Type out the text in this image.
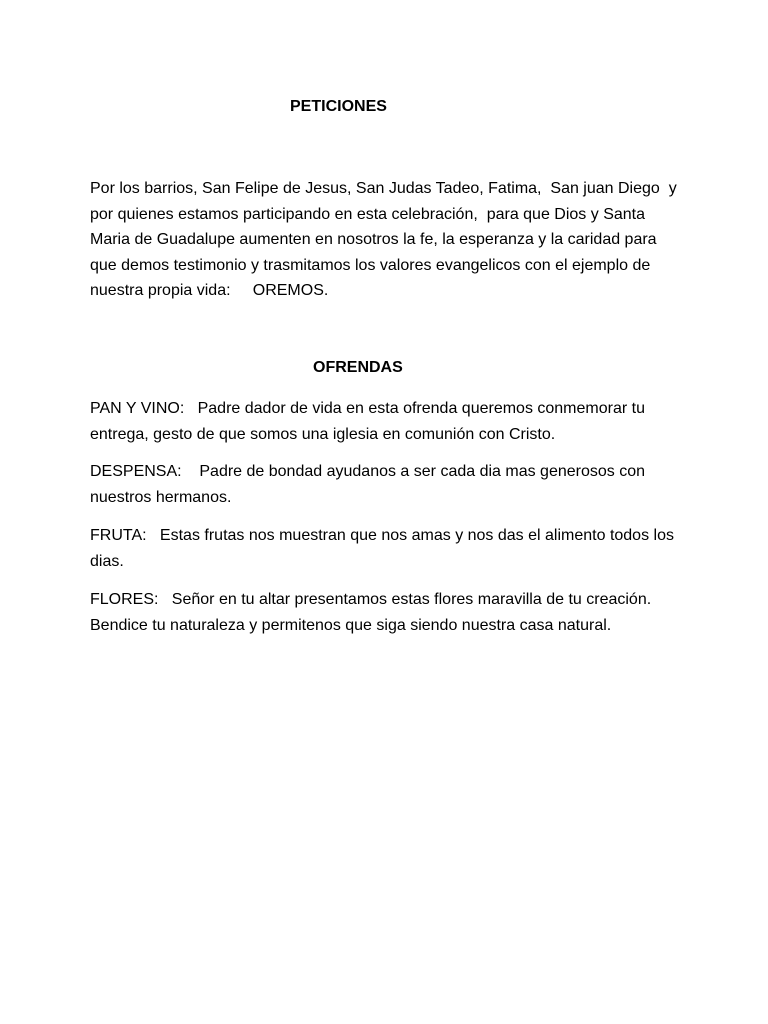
PETICIONES

Por los barrios, San Felipe de Jesus, San Judas Tadeo, Fatima,  San juan Diego  y
por quienes estamos participando en esta celebración,  para que Dios y Santa
Maria de Guadalupe aumenten en nosotros la fe, la esperanza y la caridad para
que demos testimonio y trasmitamos los valores evangelicos con el ejemplo de
nuestra propia vida:     OREMOS.

OFRENDAS

PAN Y VINO:   Padre dador de vida en esta ofrenda queremos conmemorar tu
entrega, gesto de que somos una iglesia en comunión con Cristo.

DESPENSA:    Padre de bondad ayudanos a ser cada dia mas generosos con
nuestros hermanos.

FRUTA:   Estas frutas nos muestran que nos amas y nos das el alimento todos los
dias.

FLORES:   Señor en tu altar presentamos estas flores maravilla de tu creación.
Bendice tu naturaleza y permitenos que siga siendo nuestra casa natural.
